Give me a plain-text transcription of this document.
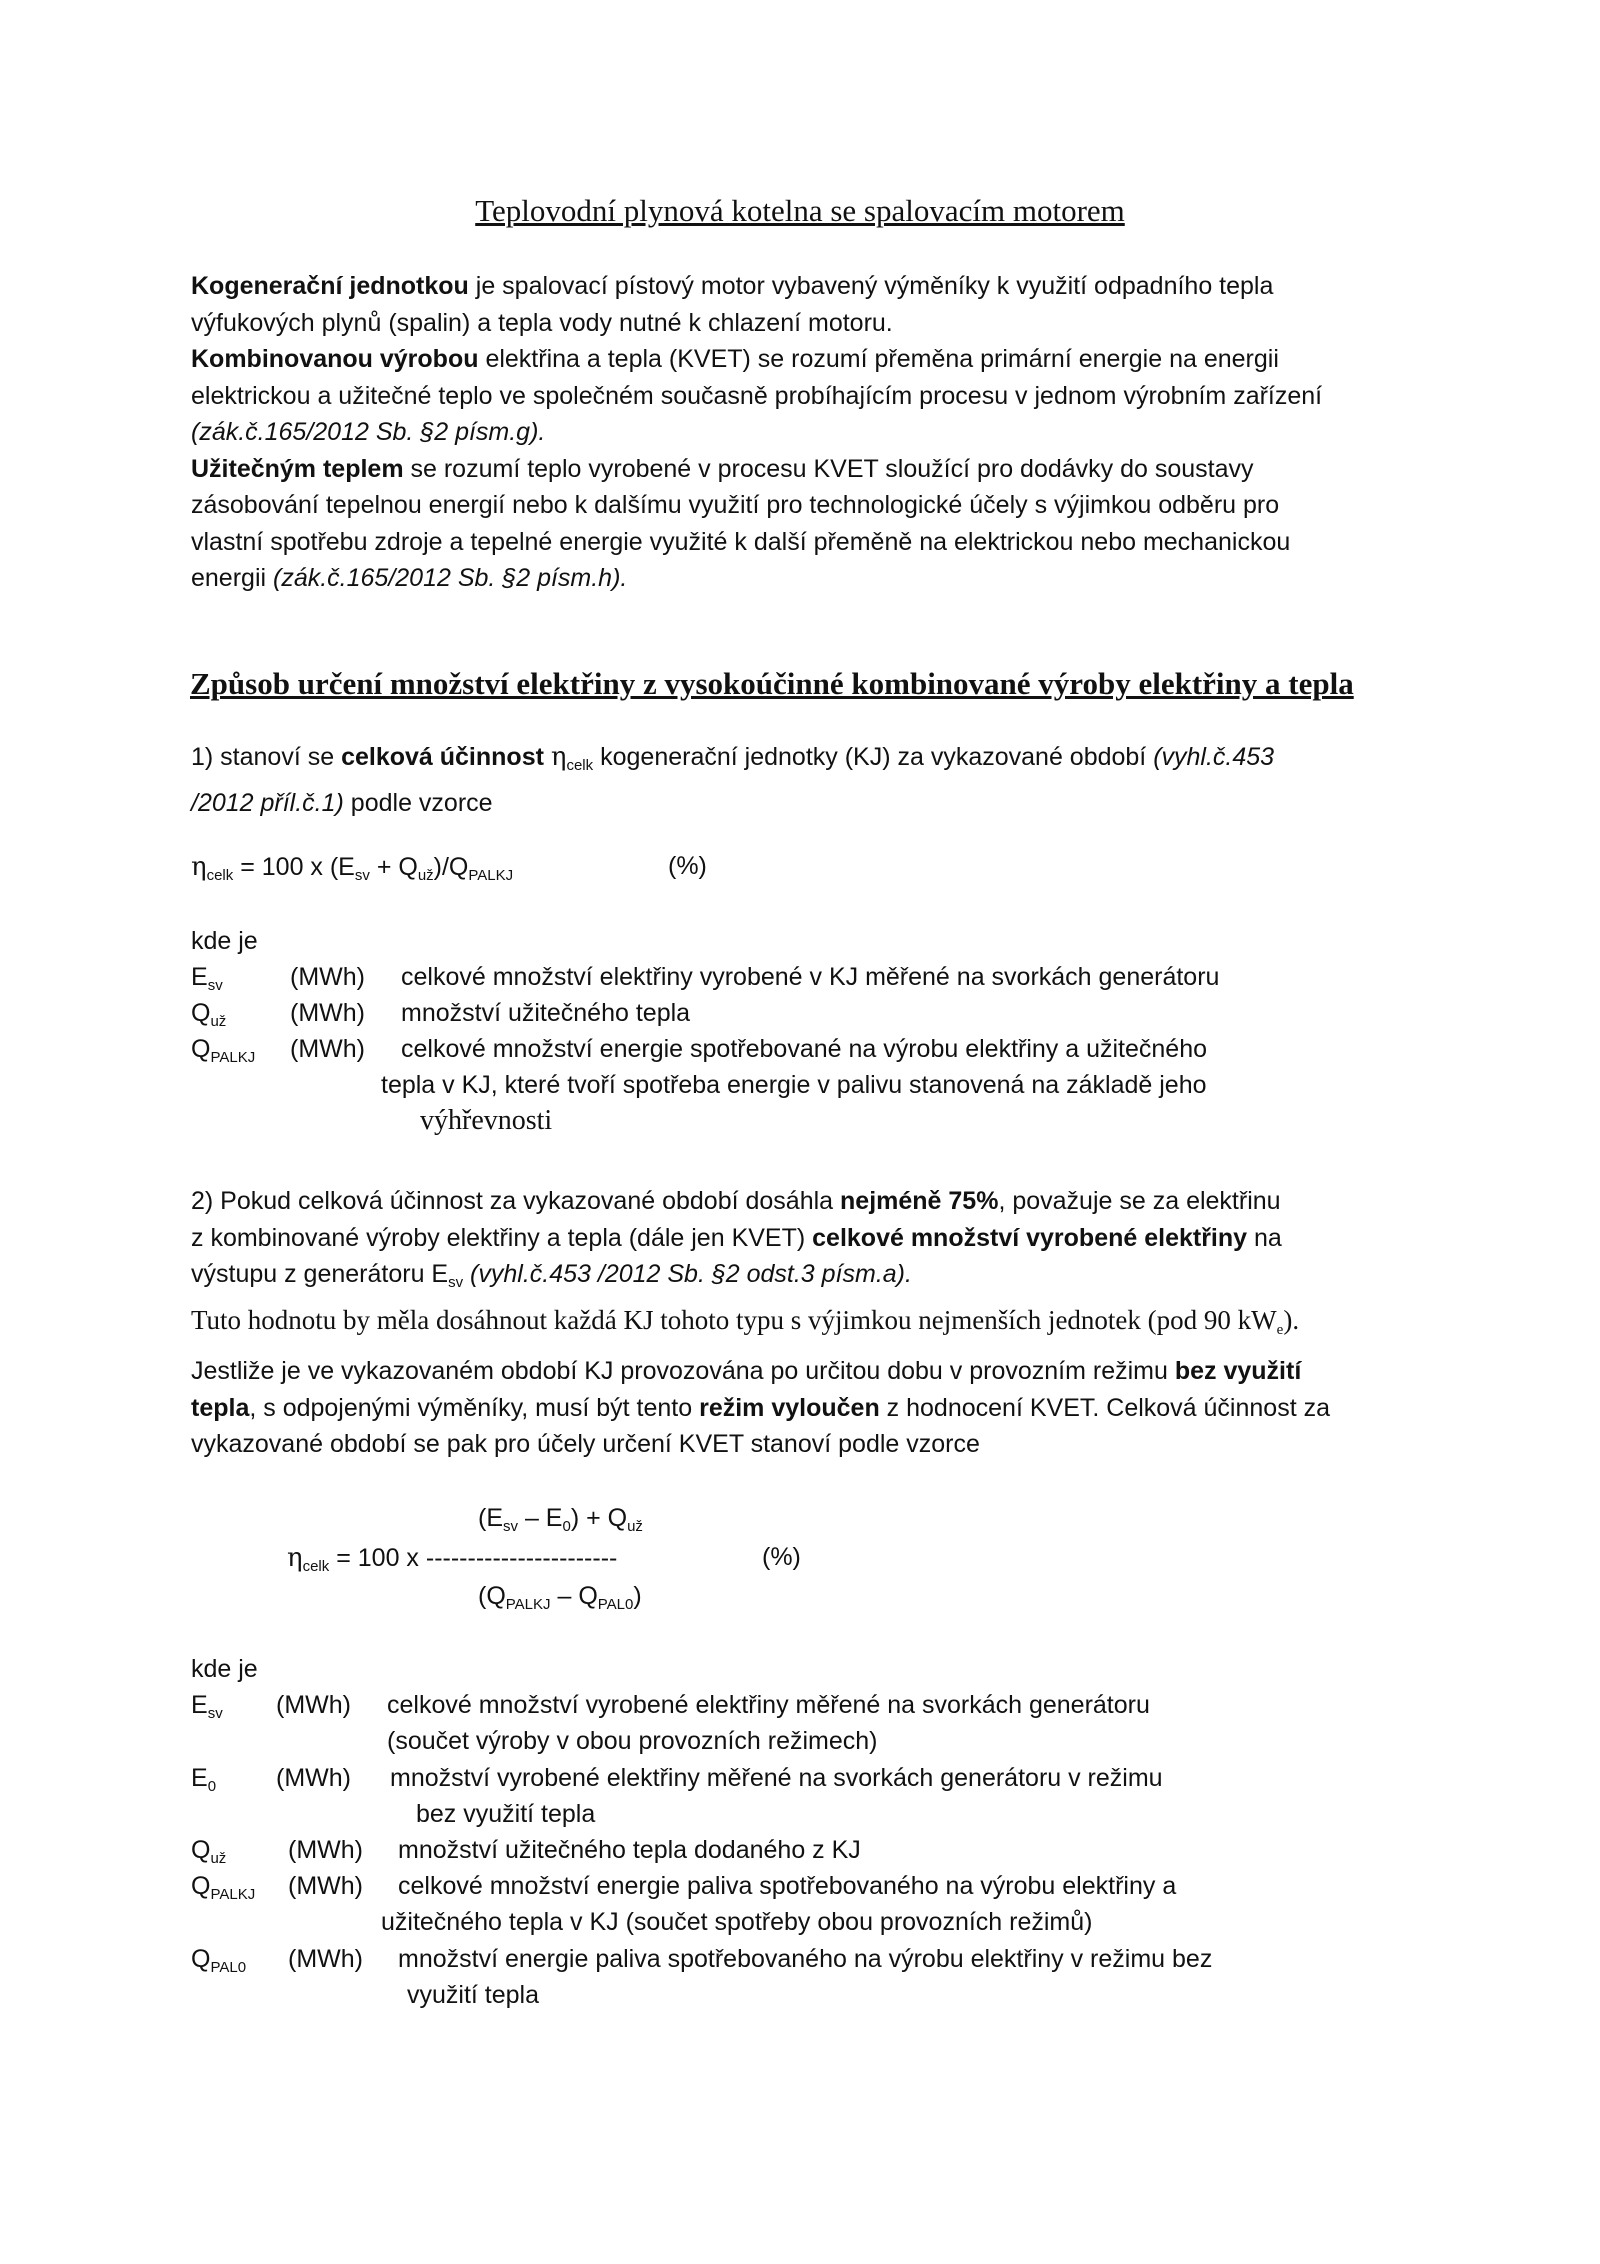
Teplovodní plynová kotelna se spalovacím motorem
Kogenerační jednotkou je spalovací pístový motor vybavený výměníky k využití odpadního tepla
výfukových plynů (spalin) a tepla vody nutné k chlazení motoru.
Kombinovanou výrobou elektřina a tepla (KVET) se rozumí přeměna primární energie na energii
elektrickou a užitečné teplo ve společném současně probíhajícím procesu v jednom výrobním zařízení
(zák.č.165/2012 Sb. §2 písm.g).
Užitečným teplem se rozumí teplo vyrobené v procesu KVET sloužící pro dodávky do soustavy
zásobování tepelnou energií nebo k dalšímu využití pro technologické účely s výjimkou odběru pro
vlastní spotřebu zdroje a tepelné energie využité k další přeměně na elektrickou nebo mechanickou
energii (zák.č.165/2012 Sb. §2 písm.h).
Způsob určení množství elektřiny z vysokoúčinné kombinované výroby elektřiny a tepla
1) stanoví se celková účinnost $\eta_{celk}$ kogenerační jednotky (KJ) za vykazované období (vyhl.č.453
/2012 příl.č.1) podle vzorce
$\eta_{celk} = 100$ x $(E_{sv} + Q_{už})/Q_{PALKJ}$	(%)
kde je
$E_{sv}$	(MWh) celkové množství elektřiny vyrobené v KJ měřené na svorkách generátoru
$Q_{už}$	(MWh) množství užitečného tepla
$Q_{PALKJ}$ (MWh) celkové množství energie spotřebované na výrobu elektřiny a užitečného
tepla v KJ, které tvoří spotřeba energie v palivu stanovená na základě jeho
výhřevnosti
2) Pokud celková účinnost za vykazované období dosáhla nejméně 75%, považuje se za elektřinu
z kombinované výroby elektřiny a tepla (dále jen KVET) celkové množství vyrobené elektřiny na
výstupu z generátoru $E_{sv}$ (vyhl.č.453 /2012 Sb. §2 odst.3 písm.a).
Tuto hodnotu by měla dosáhnout každá KJ tohoto typu s výjimkou nejmenších jednotek (pod 90 $kW_e$).
Jestliže je ve vykazovaném období KJ provozována po určitou dobu v provozním režimu bez využití
tepla, s odpojenými výměníky, musí být tento režim vyloučen z hodnocení KVET. Celková účinnost za
vykazované období se pak pro účely určení KVET stanoví podle vzorce
$(E_{sv} - E_0) + Q_{už}$
$\eta_{celk} = 100$ x -----------------------	(%)
$(Q_{PALKJ} - Q_{PAL0})$
kde je
$E_{sv}$ (MWh) celkové množství vyrobené elektřiny měřené na svorkách generátoru
(součet výroby v obou provozních režimech)
$E_0$ (MWh) množství vyrobené elektřiny měřené na svorkách generátoru v režimu
bez využití tepla
$Q_{už}$ (MWh) množství užitečného tepla dodaného z KJ
$Q_{PALKJ}$ (MWh) celkové množství energie paliva spotřebovaného na výrobu elektřiny a
užitečného tepla v KJ (součet spotřeby obou provozních režimů)
$Q_{PAL0}$ (MWh) množství energie paliva spotřebovaného na výrobu elektřiny v režimu bez
využití tepla
